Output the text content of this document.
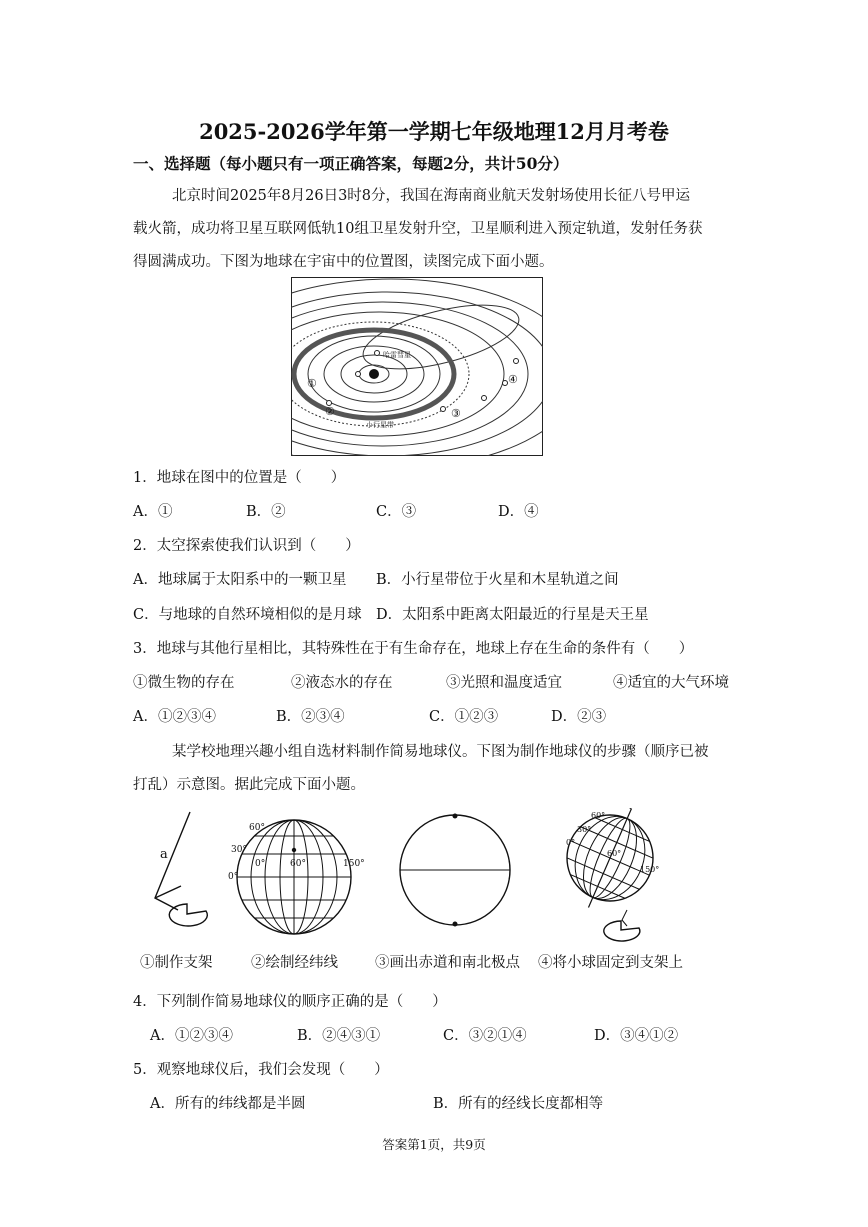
2025-2026学年第一学期七年级地理12月月考卷
一、选择题（每小题只有一项正确答案，每题2分，共计50分）
北京时间2025年8月26日3时8分，我国在海南商业航天发射场使用长征八号甲运
载火箭，成功将卫星互联网低轨10组卫星发射升空，卫星顺利进入预定轨道，发射任务获
得圆满成功。下图为地球在宇宙中的位置图，读图完成下面小题。
哈雷彗星
小行星带
①
②	③
④
1．地球在图中的位置是（　　）
A．①	B．②	C．③	D．④
2．太空探索使我们认识到（　　）
A．地球属于太阳系中的一颗卫星 B．小行星带位于火星和木星轨道之间
C．与地球的自然环境相似的是月球 D．太阳系中距离太阳最近的行星是天王星
3．地球与其他行星相比，其特殊性在于有生命存在，地球上存在生命的条件有（　　）
①微生物的存在	②液态水的存在	③光照和温度适宜	④适宜的大气环境
A．①②③④	B．②③④	C．①②③	D．②③
某学校地理兴趣小组自选材料制作简易地球仪。下图为制作地球仪的步骤（顺序已被
打乱）示意图。据此完成下面小题。
a
60°
30°
0°
0°	60°	150°
60°
30°
0°
60°
150°
①制作支架	②绘制经纬线	③画出赤道和南北极点 ④将小球固定到支架上
4．下列制作简易地球仪的顺序正确的是（　　）
A．①②③④	B．②④③①	C．③②①④	D．③④①②
5．观察地球仪后，我们会发现（　　）
A．所有的纬线都是半圆	B．所有的经线长度都相等
答案第1页，共9页
